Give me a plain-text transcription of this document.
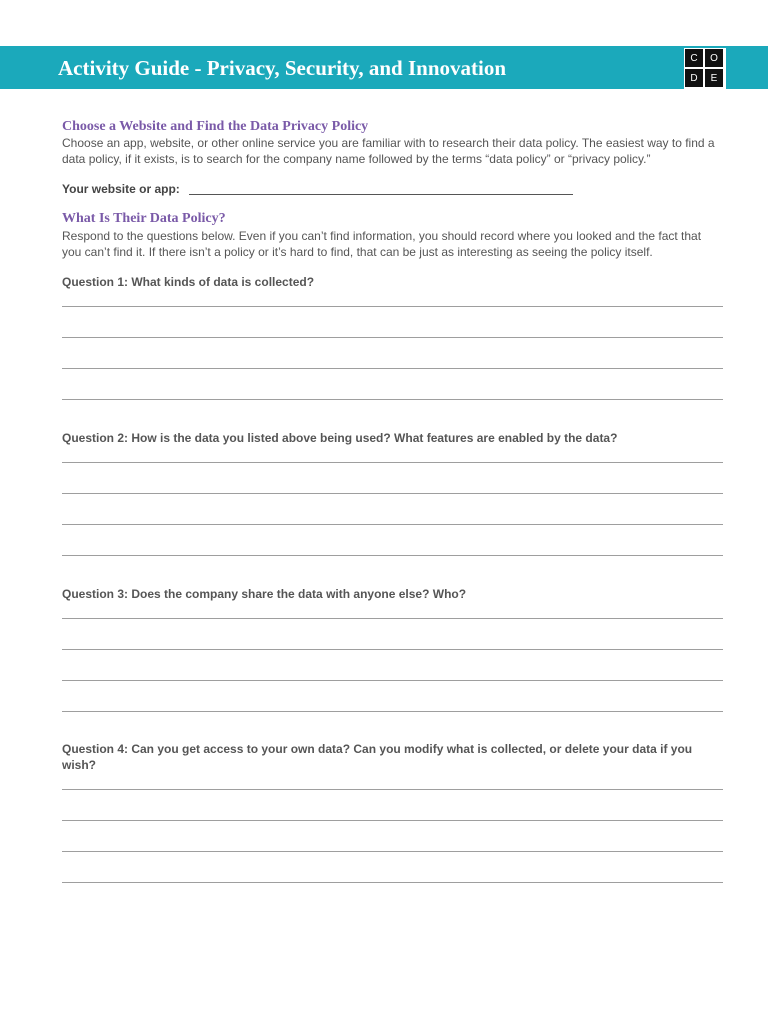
Activity Guide - Privacy, Security, and Innovation	C	O
D	E
Choose a Website and Find the Data Privacy Policy

Choose an app, website, or other online service you are familiar with to research their data policy. The easiest way to find a data policy, if it exists, is to search for the company name followed by the terms “data policy” or “privacy policy.”

Your website or app:
What Is Their Data Policy?

Respond to the questions below. Even if you can’t find information, you should record where you looked and the fact that you can’t find it. If there isn’t a policy or it’s hard to find, that can be just as interesting as seeing the policy itself.

Question 1: What kinds of data is collected?

Question 2: How is the data you listed above being used? What features are enabled by the data?

Question 3: Does the company share the data with anyone else? Who?

Question 4: Can you get access to your own data? Can you modify what is collected, or delete your data if you wish?
